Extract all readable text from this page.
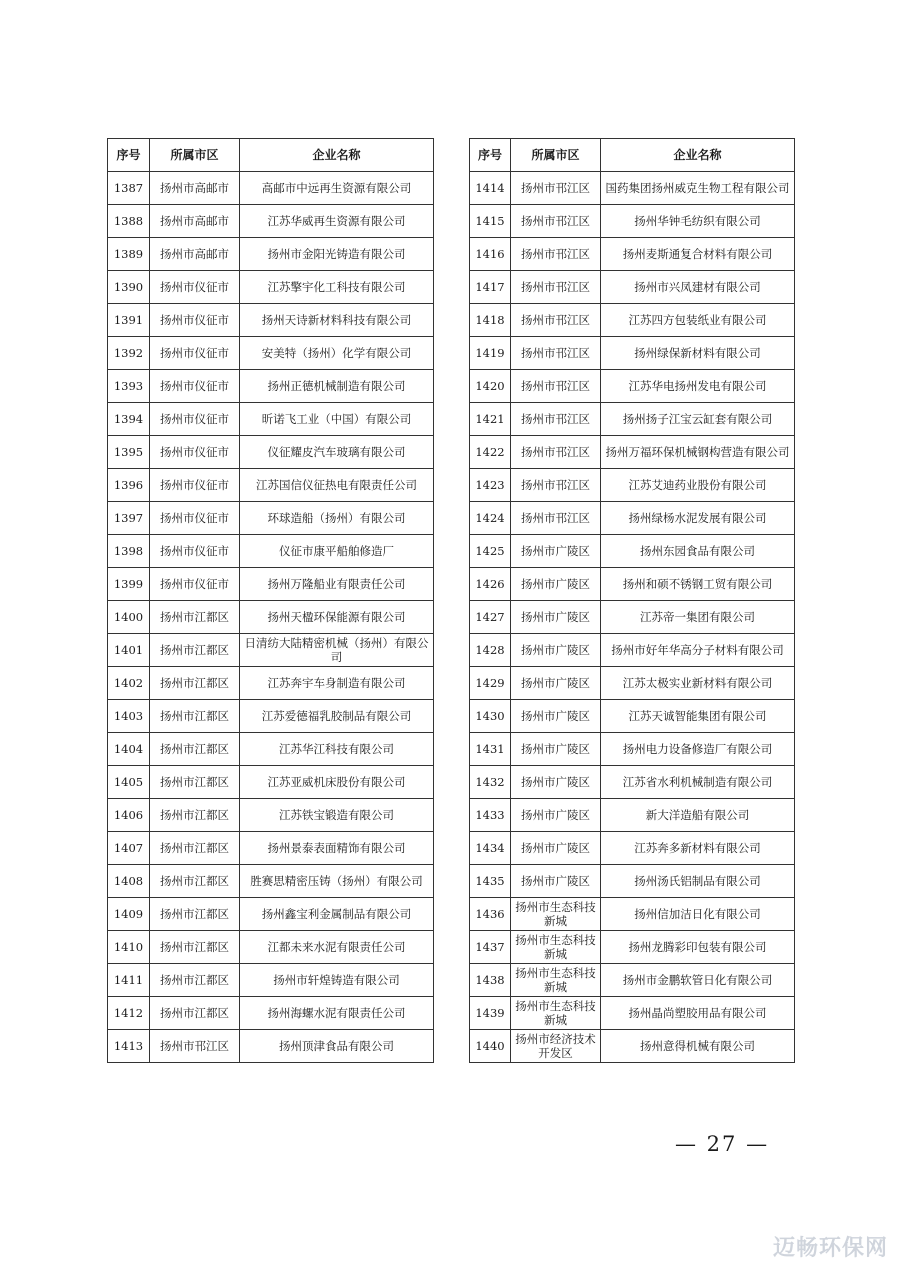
序号	所属市区	企业名称
1387	扬州市高邮市	高邮市中远再生资源有限公司
1388	扬州市高邮市	江苏华威再生资源有限公司
1389	扬州市高邮市	扬州市金阳光铸造有限公司
1390	扬州市仪征市	江苏擎宇化工科技有限公司
1391	扬州市仪征市	扬州天诗新材料科技有限公司
1392	扬州市仪征市	安美特（扬州）化学有限公司
1393	扬州市仪征市	扬州正德机械制造有限公司
1394	扬州市仪征市	昕诺飞工业（中国）有限公司
1395	扬州市仪征市	仪征耀皮汽车玻璃有限公司
1396	扬州市仪征市	江苏国信仪征热电有限责任公司
1397	扬州市仪征市	环球造船（扬州）有限公司
1398	扬州市仪征市	仪征市康平船舶修造厂
1399	扬州市仪征市	扬州万隆船业有限责任公司
1400	扬州市江都区	扬州天楹环保能源有限公司
1401	扬州市江都区	日清纺大陆精密机械（扬州）有限公司
1402	扬州市江都区	江苏奔宇车身制造有限公司
1403	扬州市江都区	江苏爱德福乳胶制品有限公司
1404	扬州市江都区	江苏华江科技有限公司
1405	扬州市江都区	江苏亚威机床股份有限公司
1406	扬州市江都区	江苏铁宝锻造有限公司
1407	扬州市江都区	扬州景泰表面精饰有限公司
1408	扬州市江都区	胜赛思精密压铸（扬州）有限公司
1409	扬州市江都区	扬州鑫宝利金属制品有限公司
1410	扬州市江都区	江都未来水泥有限责任公司
1411	扬州市江都区	扬州市轩煌铸造有限公司
1412	扬州市江都区	扬州海螺水泥有限责任公司
1413	扬州市邗江区	扬州顶津食品有限公司
序号	所属市区	企业名称
1414	扬州市邗江区	国药集团扬州威克生物工程有限公司
1415	扬州市邗江区	扬州华钟毛纺织有限公司
1416	扬州市邗江区	扬州麦斯通复合材料有限公司
1417	扬州市邗江区	扬州市兴凤建材有限公司
1418	扬州市邗江区	江苏四方包装纸业有限公司
1419	扬州市邗江区	扬州绿保新材料有限公司
1420	扬州市邗江区	江苏华电扬州发电有限公司
1421	扬州市邗江区	扬州扬子江宝云缸套有限公司
1422	扬州市邗江区	扬州万福环保机械钢构营造有限公司
1423	扬州市邗江区	江苏艾迪药业股份有限公司
1424	扬州市邗江区	扬州绿杨水泥发展有限公司
1425	扬州市广陵区	扬州东园食品有限公司
1426	扬州市广陵区	扬州和硕不锈钢工贸有限公司
1427	扬州市广陵区	江苏帝一集团有限公司
1428	扬州市广陵区	扬州市好年华高分子材料有限公司
1429	扬州市广陵区	江苏太极实业新材料有限公司
1430	扬州市广陵区	江苏天诚智能集团有限公司
1431	扬州市广陵区	扬州电力设备修造厂有限公司
1432	扬州市广陵区	江苏省水利机械制造有限公司
1433	扬州市广陵区	新大洋造船有限公司
1434	扬州市广陵区	江苏奔多新材料有限公司
1435	扬州市广陵区	扬州汤氏铝制品有限公司
1436	扬州市生态科技新城	扬州信加洁日化有限公司
1437	扬州市生态科技新城	扬州龙腾彩印包装有限公司
1438	扬州市生态科技新城	扬州市金鹏软管日化有限公司
1439	扬州市生态科技新城	扬州晶尚塑胶用品有限公司
1440	扬州市经济技术开发区	扬州意得机械有限公司
— 27 —
迈畅环保网
